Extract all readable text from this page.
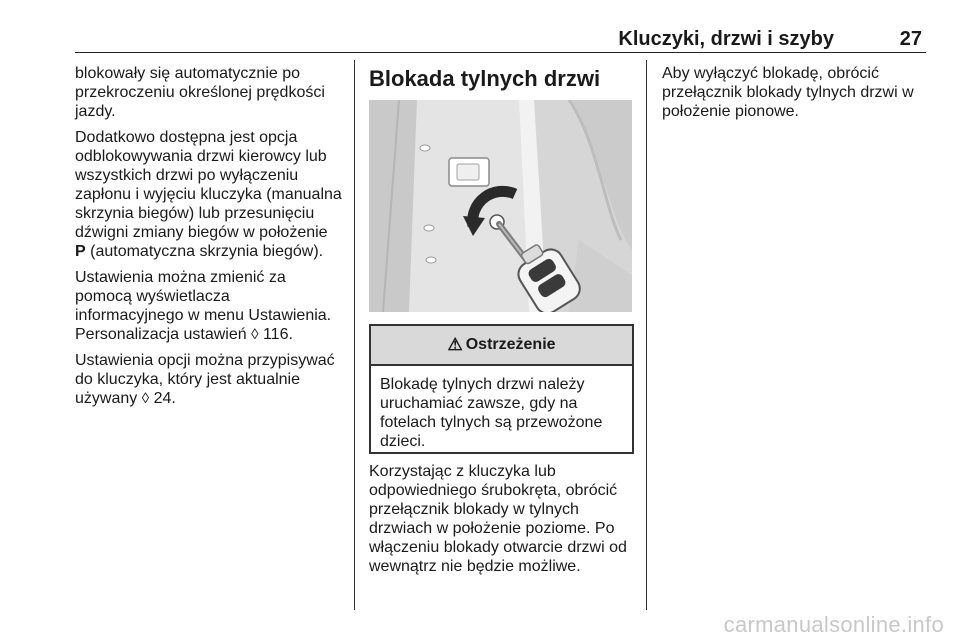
Kluczyki, drzwi i szyby	27

blokowały się automatycznie po
przekroczeniu określonej prędkości
jazdy.

Dodatkowo dostępna jest opcja
odblokowywania drzwi kierowcy lub
wszystkich drzwi po wyłączeniu
zapłonu i wyjęciu kluczyka (manualna
skrzynia biegów) lub przesunięciu
dźwigni zmiany biegów w położenie
P (automatyczna skrzynia biegów).

Ustawienia można zmienić za
pomocą wyświetlacza
informacyjnego w menu Ustawienia.
Personalizacja ustawień ◊ 116.

Ustawienia opcji można przypisywać
do kluczyka, który jest aktualnie
używany ◊ 24.

Blokada tylnych drzwi
⚠ Ostrzeżenie
Blokadę tylnych drzwi należy
uruchamiać zawsze, gdy na
fotelach tylnych są przewożone
dzieci.

Korzystając z kluczyka lub
odpowiedniego śrubokręta, obrócić
przełącznik blokady w tylnych
drzwiach w położenie poziome. Po
włączeniu blokady otwarcie drzwi od
wewnątrz nie będzie możliwe.

Aby wyłączyć blokadę, obrócić
przełącznik blokady tylnych drzwi w
położenie pionowe.

carmanualsonline.info
